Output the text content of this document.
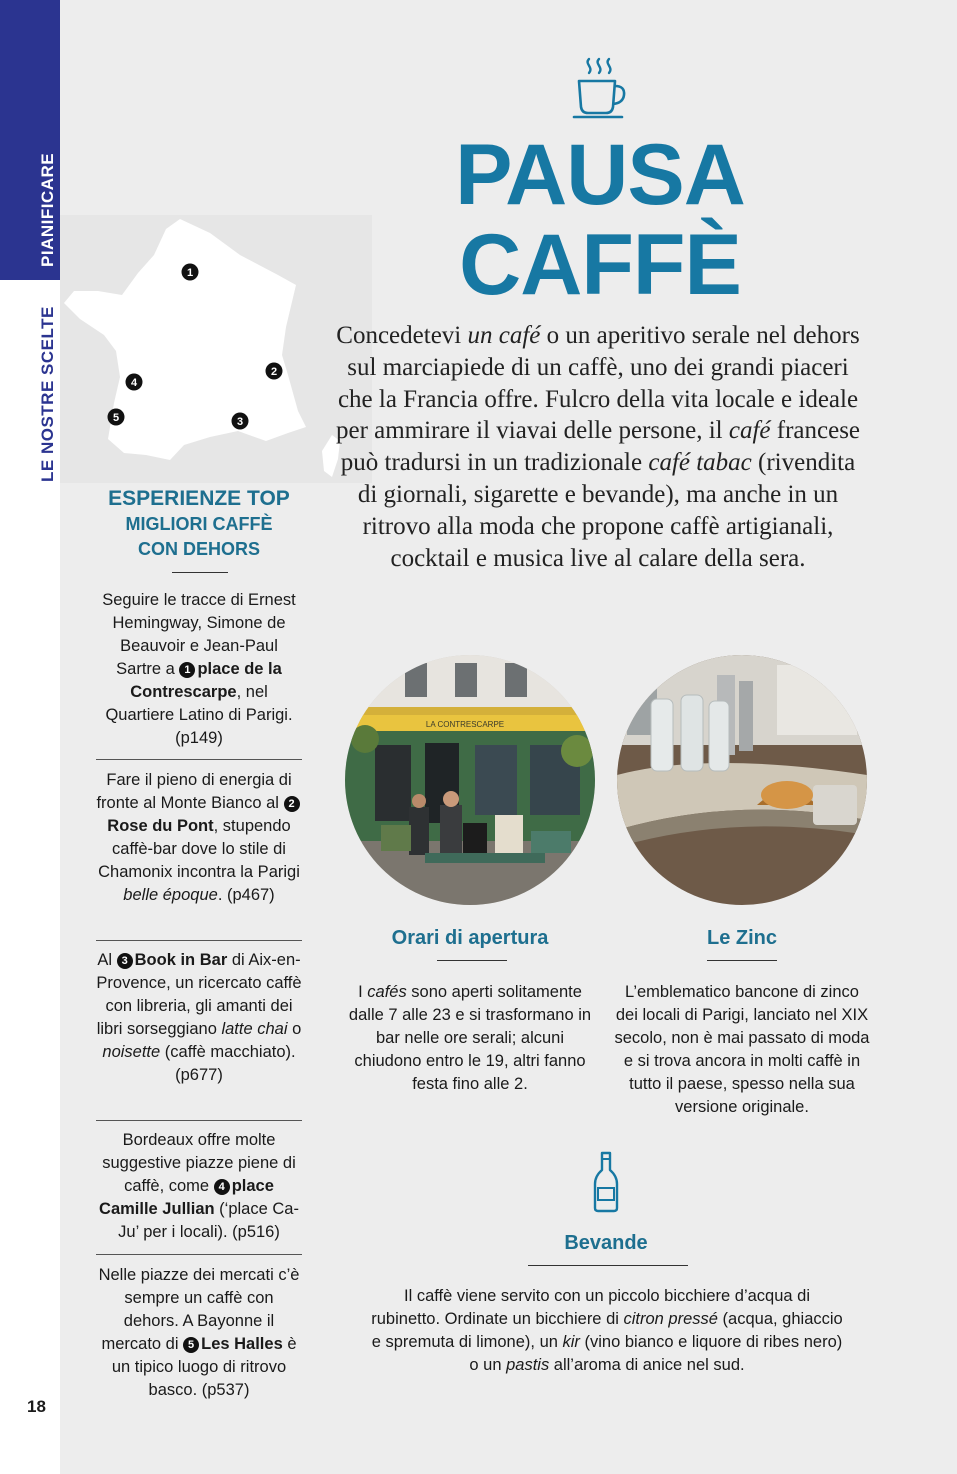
PIANIFICARE
LE NOSTRE SCELTE
18
1
2
3
4
5
ESPERIENZE TOP
MIGLIORI CAFFÈ
CON DEHORS
Seguire le tracce di Ernest Hemingway, Simone de Beauvoir e Jean-Paul Sartre a 1 place de la Contrescarpe, nel Quartiere Latino di Parigi. (p149)
Fare il pieno di energia di fronte al Monte Bianco al 2Rose du Pont, stupendo caffè-bar dove lo stile di Chamonix incontra la Parigi belle époque. (p467)
Al 3 Book in Bar di Aix-en-Provence, un ricercato caffè con libreria, gli amanti dei libri sorseggiano latte chai o noisette (caffè macchiato). (p677)
Bordeaux offre molte suggestive piazze piene di caffè, come 4 place Camille Jullian (‘place Ca-Ju’ per i locali). (p516)
Nelle piazze dei mercati c’è sempre un caffè con dehors. A Bayonne il mercato di 5 Les Halles è un tipico luogo di ritrovo basco. (p537)
PAUSA
CAFFÈ
Concedetevi un café o un aperitivo serale nel dehors sul marciapiede di un caffè, uno dei grandi piaceri che la Francia offre. Fulcro della vita locale e ideale per ammirare il viavai delle persone, il café francese può tradursi in un tradizionale café tabac (rivendita di giornali, sigarette e bevande), ma anche in un ritrovo alla moda che propone caffè artigianali, cocktail e musica live al calare della sera.
LA CONTRESCARPE
Orari di apertura
I cafés sono aperti solitamente dalle 7 alle 23 e si trasformano in bar nelle ore serali; alcuni chiudono entro le 19, altri fanno festa fino alle 2.
Le Zinc
L’emblematico bancone di zinco dei locali di Parigi, lanciato nel XIX secolo, non è mai passato di moda e si trova ancora in molti caffè in tutto il paese, spesso nella sua versione originale.
Bevande
Il caffè viene servito con un piccolo bicchiere d’acqua di rubinetto. Ordinate un bicchiere di citron pressé (acqua, ghiaccio e spremuta di limone), un kir (vino bianco e liquore di ribes nero) o un pastis all’aroma di anice nel sud.
